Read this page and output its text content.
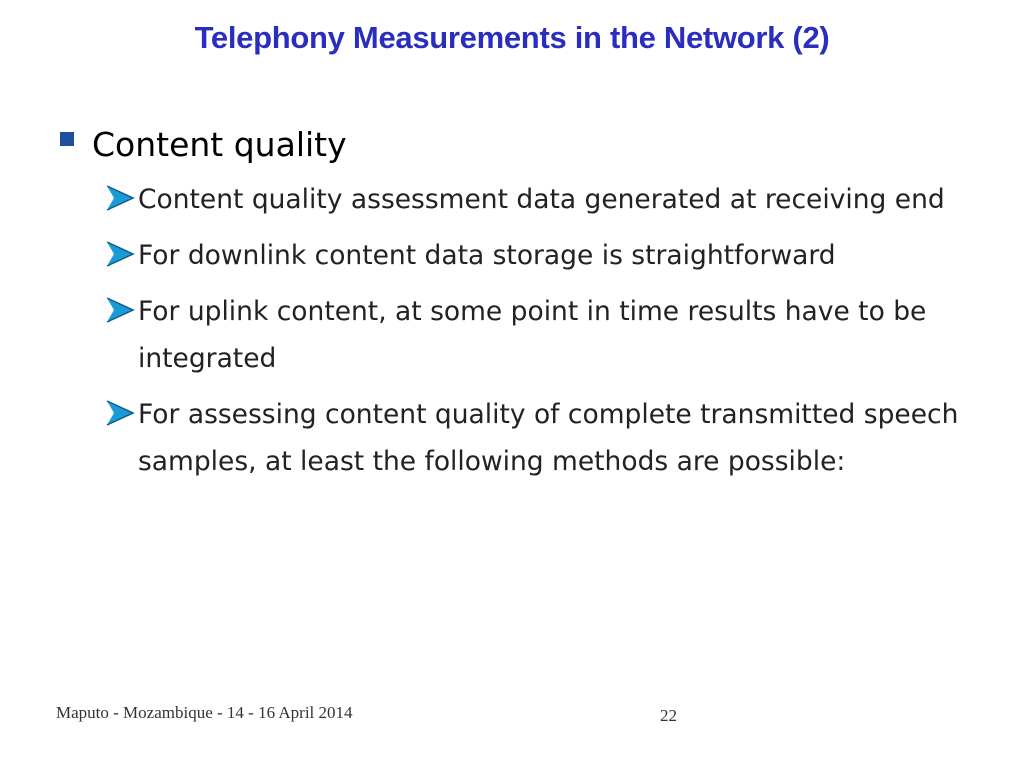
Telephony Measurements in the Network (2)
Content quality
Content quality assessment data generated at receiving end
For downlink content data storage is straightforward
For uplink content, at some point in time results have to be integrated
For assessing content quality of complete transmitted speech samples, at least the following methods are possible:
Maputo - Mozambique - 14 - 16 April 2014	22
